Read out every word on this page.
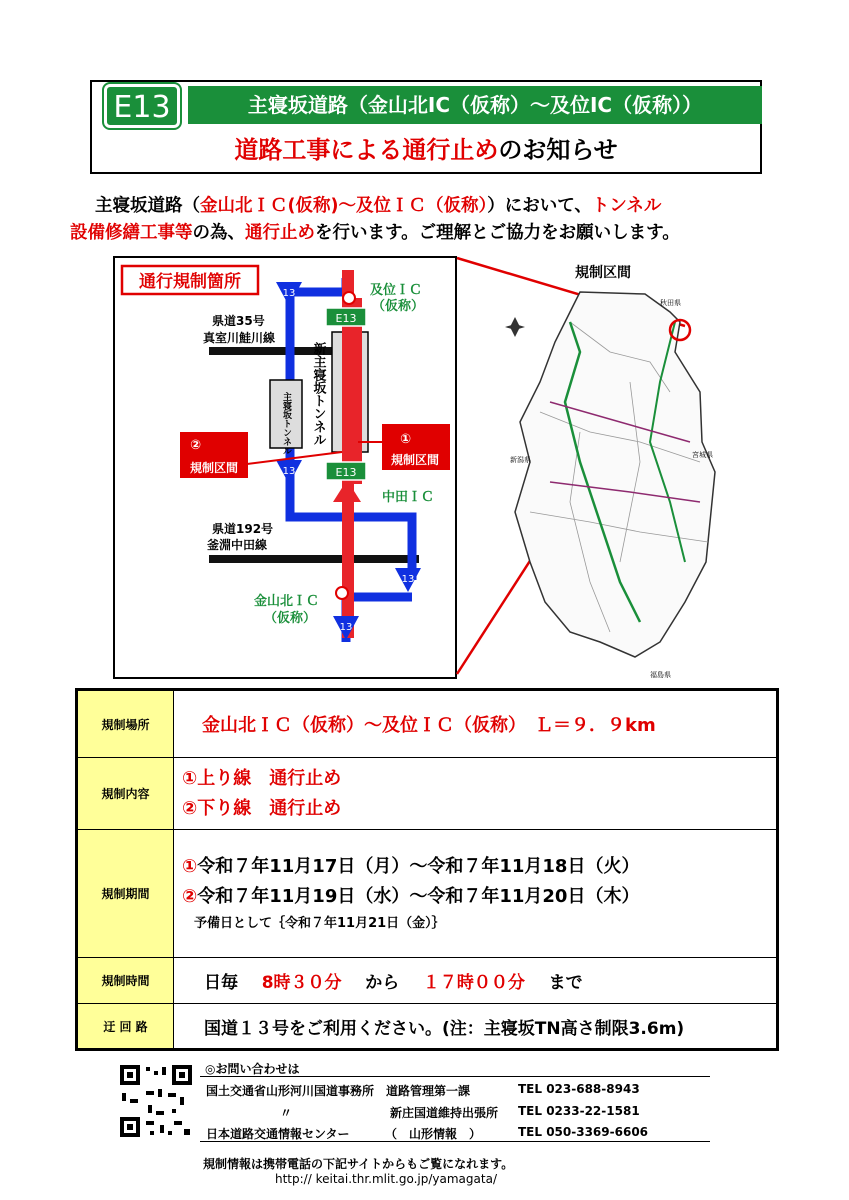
E13	主寝坂道路（金山北IC（仮称）～及位IC（仮称））
道路工事による通行止めのお知らせ
主寝坂道路（金山北ＩＣ(仮称)～及位ＩＣ（仮称））において、トンネル
設備修繕工事等の為、通行止めを行います。ご理解とご協力をお願いします。
通行規制箇所
県道35号
真室川鮭川線
県道192号
釜淵中田線
主寝坂トンネル 新主寝坂トンネル
E13
E13
13
13
13
13
及位ＩＣ
（仮称）
中田ＩＣ
金山北ＩＣ
（仮称）
①
規制区間
②
規制区間
規制区間
秋田県
宮城県
新潟県
福島県
規制場所	金山北ＩＣ（仮称）～及位ＩＣ（仮称）　Ｌ＝９．９km
規制内容	①上り線　通行止め
②下り線　通行止め

規制期間	①令和７年11月17日（月）～令和７年11月18日（火）
②令和７年11月19日（水）～令和７年11月20日（木）
予備日として｛令和７年11月21日（金）｝

規制時間	日毎 8時３０分 から １７時００分 まで
迂 回 路	国道１３号をご利用ください。(注：主寝坂TN高さ制限3.6m)
◎お問い合わせは
国土交通省山形河川国道事務所　道路管理第一課	TEL 023-688-8943
〃	新庄国道維持出張所 TEL 0233-22-1581
日本道路交通情報センター	（　山形情報　）	TEL 050-3369-6606
規制情報は携帯電話の下記サイトからもご覧になれます。
http:// keitai.thr.mlit.go.jp/yamagata/
